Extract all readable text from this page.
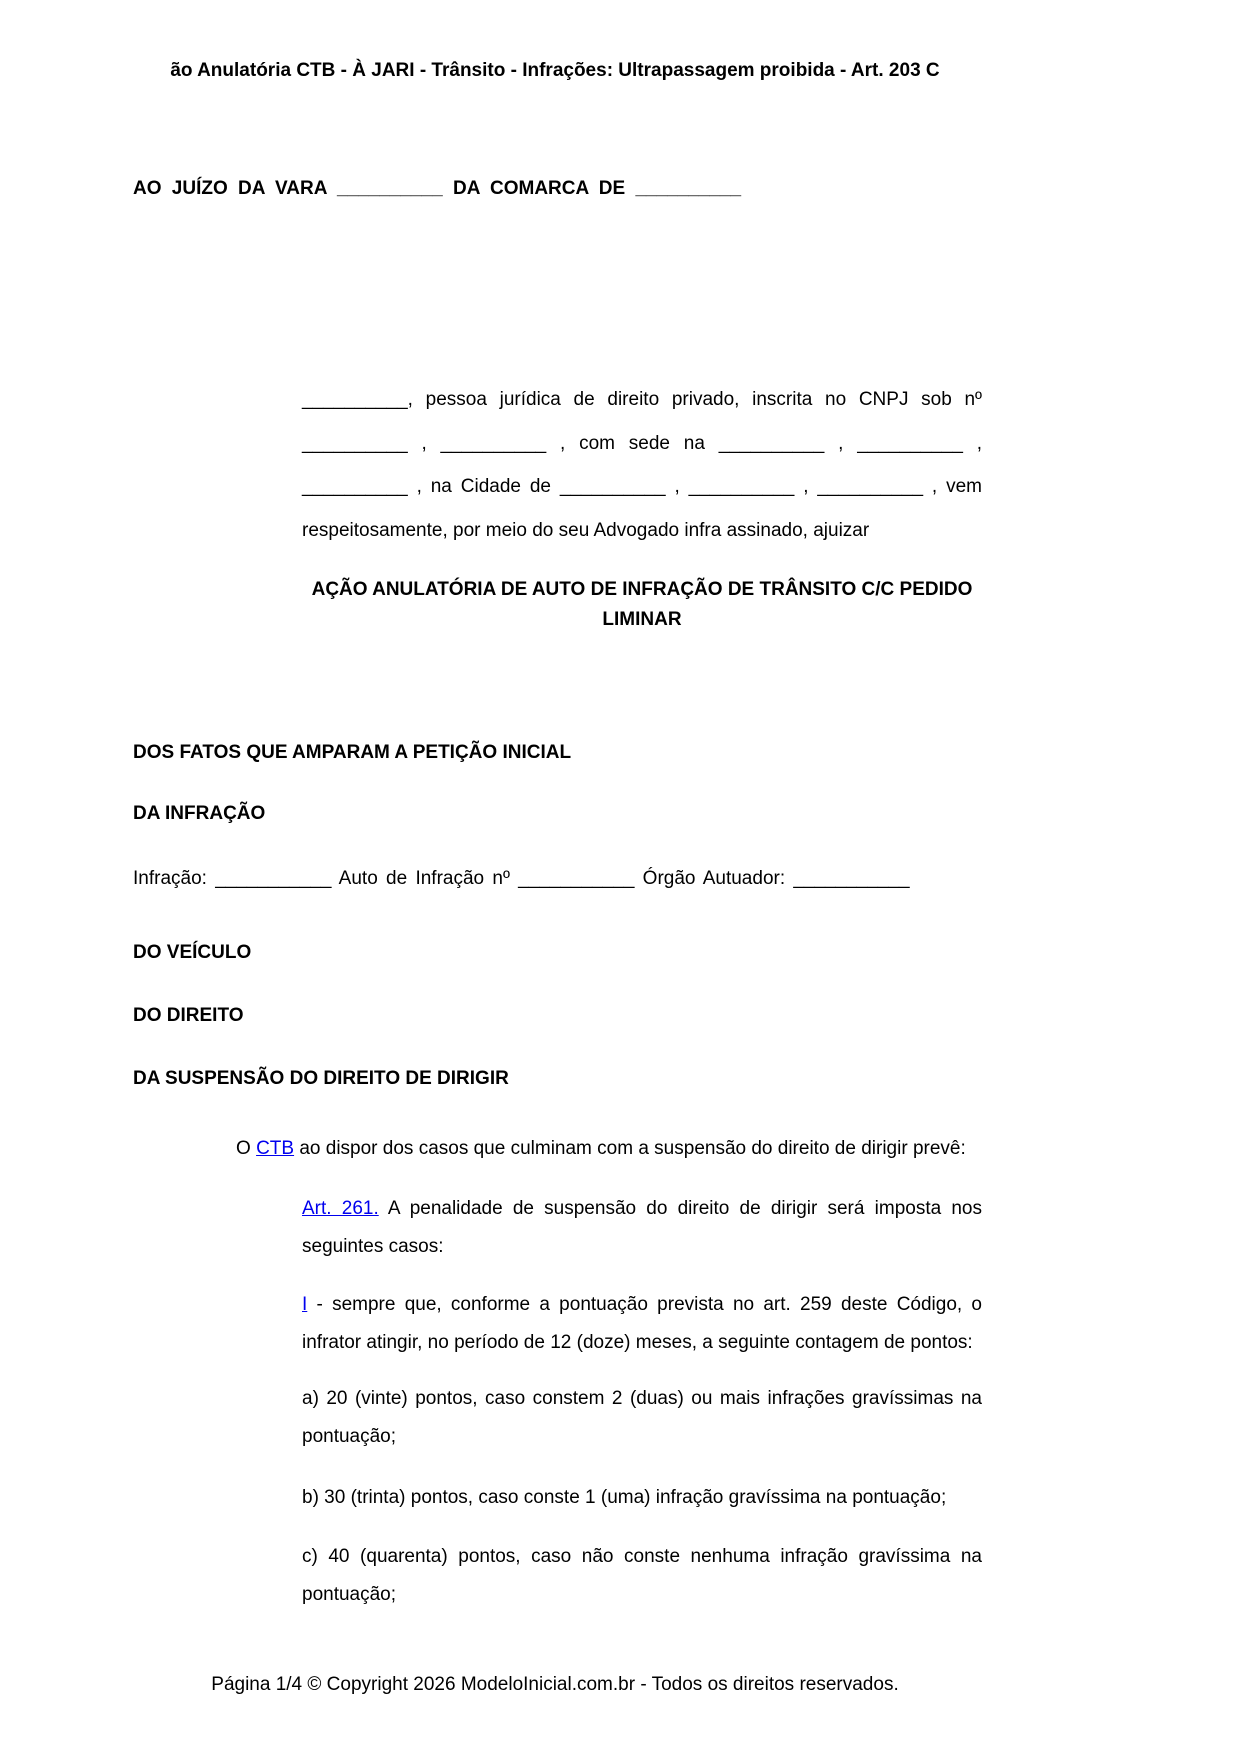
ão Anulatória CTB - À JARI - Trânsito - Infrações: Ultrapassagem proibida - Art. 203 C
AO JUÍZO DA VARA __________ DA COMARCA DE __________
__________, pessoa jurídica de direito privado, inscrita no CNPJ sob nº
__________ , __________ , com sede na __________ , __________ ,
__________ , na Cidade de __________ , __________ , __________ , vem
respeitosamente, por meio do seu Advogado infra assinado, ajuizar
AÇÃO ANULATÓRIA DE AUTO DE INFRAÇÃO DE TRÂNSITO C/C PEDIDO LIMINAR
DOS FATOS QUE AMPARAM A PETIÇÃO INICIAL
DA INFRAÇÃO
Infração: ___________ Auto de Infração nº ___________ Órgão Autuador: ___________
DO VEÍCULO
DO DIREITO
DA SUSPENSÃO DO DIREITO DE DIRIGIR
O CTB ao dispor dos casos que culminam com a suspensão do direito de dirigir prevê:
Art. 261. A penalidade de suspensão do direito de dirigir será imposta nos seguintes casos:
I - sempre que, conforme a pontuação prevista no art. 259 deste Código, o infrator atingir, no período de 12 (doze) meses, a seguinte contagem de pontos:
a) 20 (vinte) pontos, caso constem 2 (duas) ou mais infrações gravíssimas na pontuação;
b) 30 (trinta) pontos, caso conste 1 (uma) infração gravíssima na pontuação;
c) 40 (quarenta) pontos, caso não conste nenhuma infração gravíssima na pontuação;
Página 1/4 © Copyright 2026 ModeloInicial.com.br - Todos os direitos reservados.
